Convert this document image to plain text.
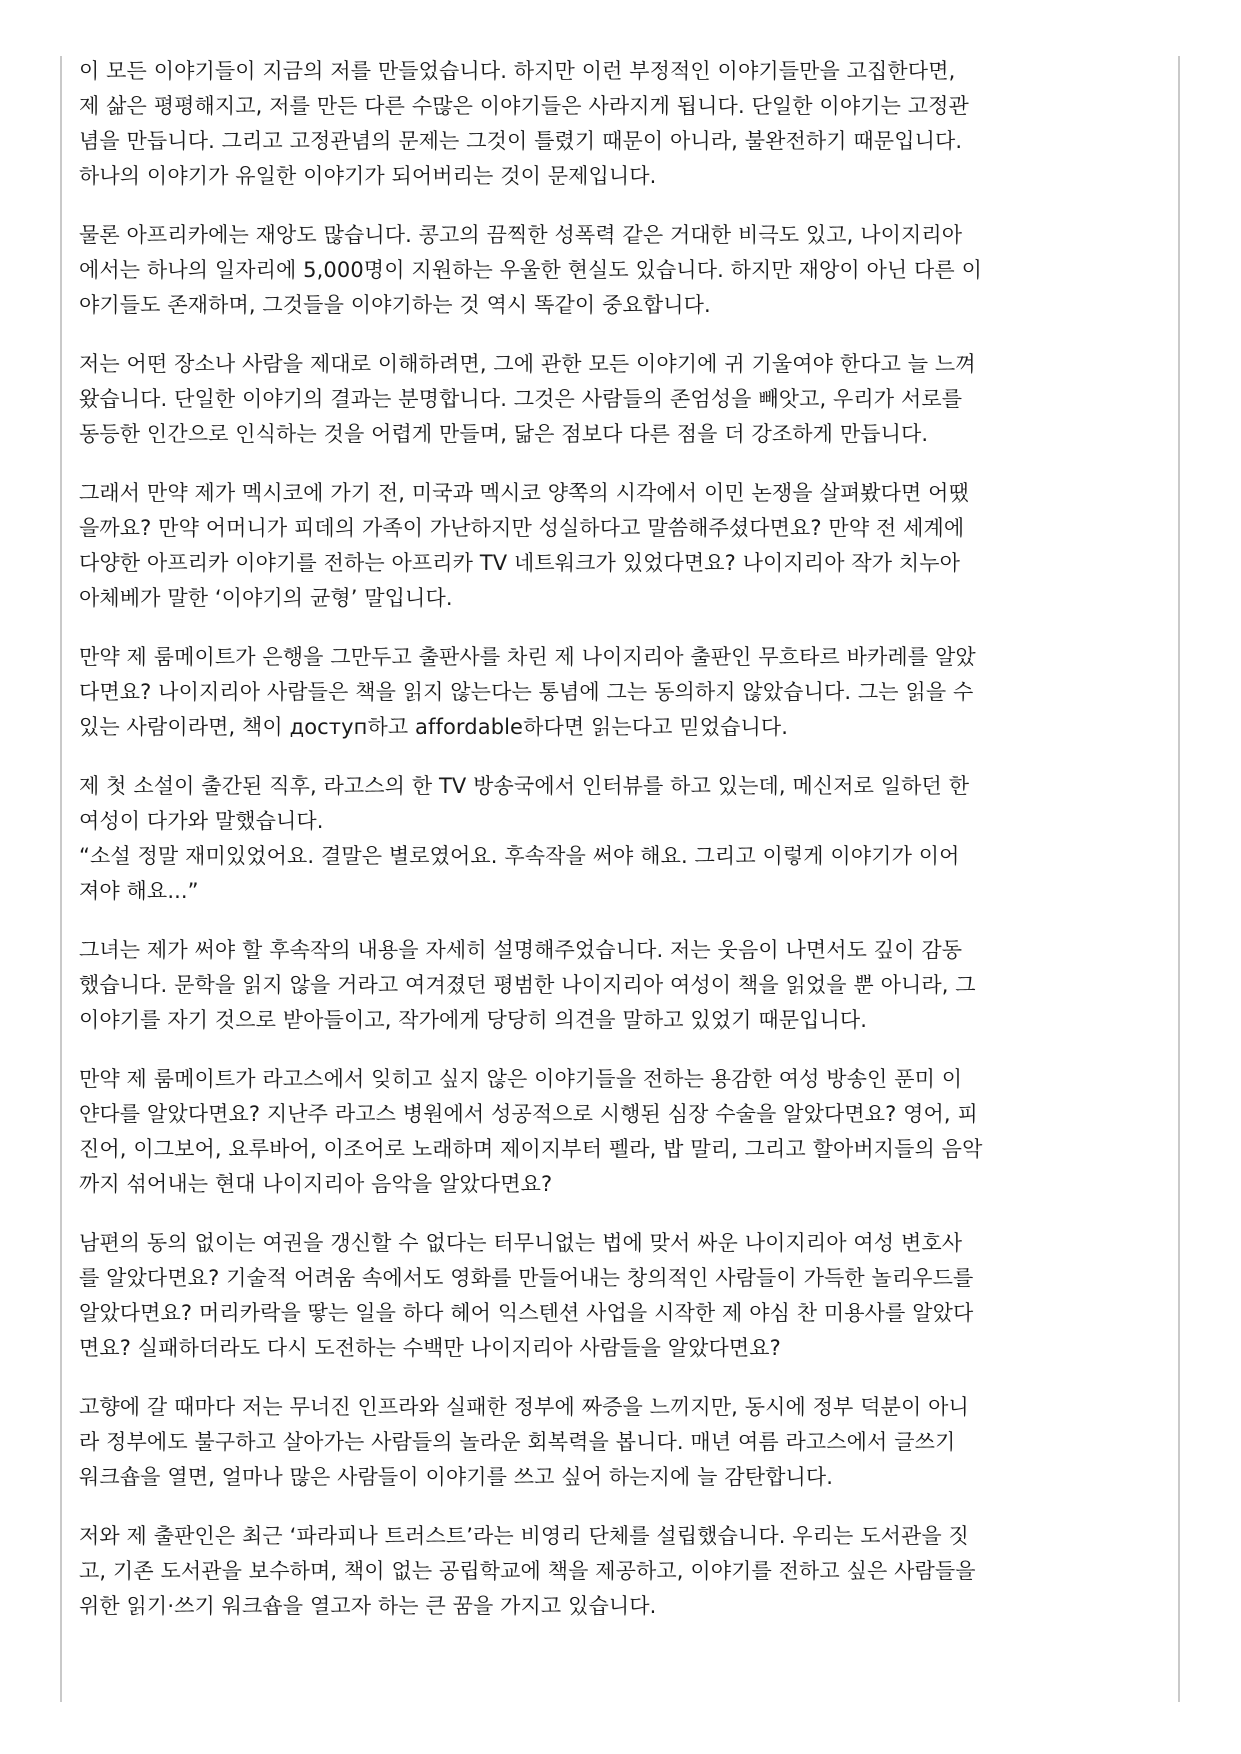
이 모든 이야기들이 지금의 저를 만들었습니다. 하지만 이런 부정적인 이야기들만을 고집한다면,
제 삶은 평평해지고, 저를 만든 다른 수많은 이야기들은 사라지게 됩니다. 단일한 이야기는 고정관
념을 만듭니다. 그리고 고정관념의 문제는 그것이 틀렸기 때문이 아니라, 불완전하기 때문입니다.
하나의 이야기가 유일한 이야기가 되어버리는 것이 문제입니다.

물론 아프리카에는 재앙도 많습니다. 콩고의 끔찍한 성폭력 같은 거대한 비극도 있고, 나이지리아
에서는 하나의 일자리에 5,000명이 지원하는 우울한 현실도 있습니다. 하지만 재앙이 아닌 다른 이
야기들도 존재하며, 그것들을 이야기하는 것 역시 똑같이 중요합니다.

저는 어떤 장소나 사람을 제대로 이해하려면, 그에 관한 모든 이야기에 귀 기울여야 한다고 늘 느껴
왔습니다. 단일한 이야기의 결과는 분명합니다. 그것은 사람들의 존엄성을 빼앗고, 우리가 서로를
동등한 인간으로 인식하는 것을 어렵게 만들며, 닮은 점보다 다른 점을 더 강조하게 만듭니다.

그래서 만약 제가 멕시코에 가기 전, 미국과 멕시코 양쪽의 시각에서 이민 논쟁을 살펴봤다면 어땠
을까요? 만약 어머니가 피데의 가족이 가난하지만 성실하다고 말씀해주셨다면요? 만약 전 세계에
다양한 아프리카 이야기를 전하는 아프리카 TV 네트워크가 있었다면요? 나이지리아 작가 치누아
아체베가 말한 ‘이야기의 균형’ 말입니다.

만약 제 룸메이트가 은행을 그만두고 출판사를 차린 제 나이지리아 출판인 무흐타르 바카레를 알았
다면요? 나이지리아 사람들은 책을 읽지 않는다는 통념에 그는 동의하지 않았습니다. 그는 읽을 수
있는 사람이라면, 책이 доступ하고 affordable하다면 읽는다고 믿었습니다.

제 첫 소설이 출간된 직후, 라고스의 한 TV 방송국에서 인터뷰를 하고 있는데, 메신저로 일하던 한
여성이 다가와 말했습니다.
“소설 정말 재미있었어요. 결말은 별로였어요. 후속작을 써야 해요. 그리고 이렇게 이야기가 이어
져야 해요...”

그녀는 제가 써야 할 후속작의 내용을 자세히 설명해주었습니다. 저는 웃음이 나면서도 깊이 감동
했습니다. 문학을 읽지 않을 거라고 여겨졌던 평범한 나이지리아 여성이 책을 읽었을 뿐 아니라, 그
이야기를 자기 것으로 받아들이고, 작가에게 당당히 의견을 말하고 있었기 때문입니다.

만약 제 룸메이트가 라고스에서 잊히고 싶지 않은 이야기들을 전하는 용감한 여성 방송인 푼미 이
얀다를 알았다면요? 지난주 라고스 병원에서 성공적으로 시행된 심장 수술을 알았다면요? 영어, 피
진어, 이그보어, 요루바어, 이조어로 노래하며 제이지부터 펠라, 밥 말리, 그리고 할아버지들의 음악
까지 섞어내는 현대 나이지리아 음악을 알았다면요?

남편의 동의 없이는 여권을 갱신할 수 없다는 터무니없는 법에 맞서 싸운 나이지리아 여성 변호사
를 알았다면요? 기술적 어려움 속에서도 영화를 만들어내는 창의적인 사람들이 가득한 놀리우드를
알았다면요? 머리카락을 땋는 일을 하다 헤어 익스텐션 사업을 시작한 제 야심 찬 미용사를 알았다
면요? 실패하더라도 다시 도전하는 수백만 나이지리아 사람들을 알았다면요?

고향에 갈 때마다 저는 무너진 인프라와 실패한 정부에 짜증을 느끼지만, 동시에 정부 덕분이 아니
라 정부에도 불구하고 살아가는 사람들의 놀라운 회복력을 봅니다. 매년 여름 라고스에서 글쓰기
워크숍을 열면, 얼마나 많은 사람들이 이야기를 쓰고 싶어 하는지에 늘 감탄합니다.

저와 제 출판인은 최근 ‘파라피나 트러스트’라는 비영리 단체를 설립했습니다. 우리는 도서관을 짓
고, 기존 도서관을 보수하며, 책이 없는 공립학교에 책을 제공하고, 이야기를 전하고 싶은 사람들을
위한 읽기·쓰기 워크숍을 열고자 하는 큰 꿈을 가지고 있습니다.
